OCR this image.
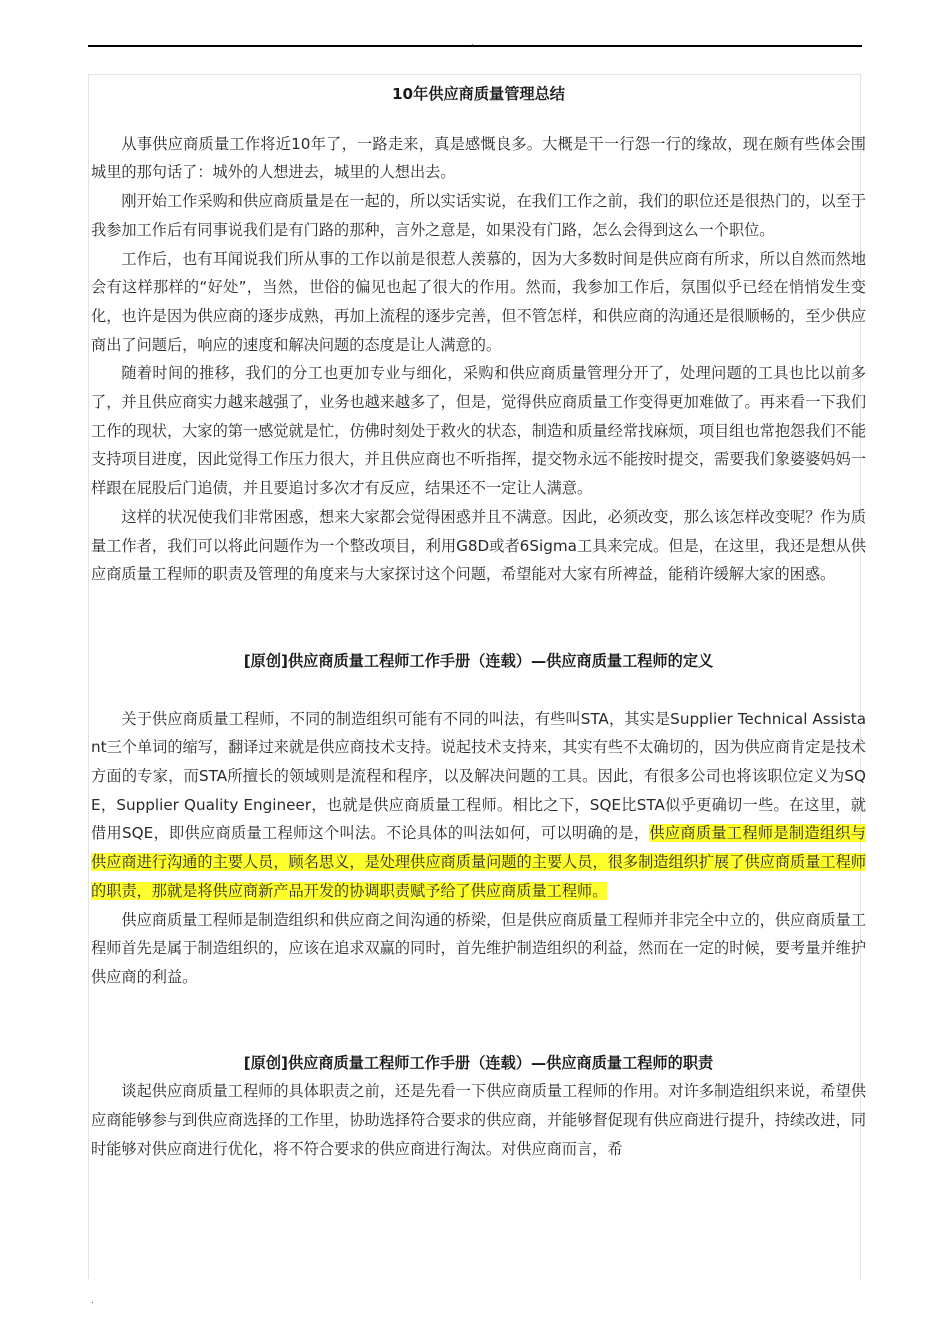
.
10年供应商质量管理总结

从事供应商质量工作将近10年了，一路走来，真是感慨良多。大概是干一行怨一行的缘故，现在颇有些体会围城里的那句话了：城外的人想进去，城里的人想出去。

刚开始工作采购和供应商质量是在一起的，所以实话实说，在我们工作之前，我们的职位还是很热门的，以至于我参加工作后有同事说我们是有门路的那种，言外之意是，如果没有门路，怎么会得到这么一个职位。

工作后，也有耳闻说我们所从事的工作以前是很惹人羡慕的，因为大多数时间是供应商有所求，所以自然而然地会有这样那样的“好处”，当然，世俗的偏见也起了很大的作用。然而，我参加工作后，氛围似乎已经在悄悄发生变化，也许是因为供应商的逐步成熟，再加上流程的逐步完善，但不管怎样，和供应商的沟通还是很顺畅的，至少供应商出了问题后，响应的速度和解决问题的态度是让人满意的。

随着时间的推移，我们的分工也更加专业与细化，采购和供应商质量管理分开了，处理问题的工具也比以前多了，并且供应商实力越来越强了，业务也越来越多了，但是，觉得供应商质量工作变得更加难做了。再来看一下我们工作的现状，大家的第一感觉就是忙，仿佛时刻处于救火的状态，制造和质量经常找麻烦，项目组也常抱怨我们不能支持项目进度，因此觉得工作压力很大，并且供应商也不听指挥，提交物永远不能按时提交，需要我们象婆婆妈妈一样跟在屁股后门追债，并且要追讨多次才有反应，结果还不一定让人满意。

这样的状况使我们非常困惑，想来大家都会觉得困惑并且不满意。因此，必须改变，那么该怎样改变呢？作为质量工作者，我们可以将此问题作为一个整改项目，利用G8D或者6Sigma工具来完成。但是，在这里，我还是想从供应商质量工程师的职责及管理的角度来与大家探讨这个问题，希望能对大家有所裨益，能稍许缓解大家的困惑。

[原创]供应商质量工程师工作手册（连载）—供应商质量工程师的定义

关于供应商质量工程师，不同的制造组织可能有不同的叫法，有些叫STA，其实是Supplier Technical Assistant三个单词的缩写，翻译过来就是供应商技术支持。说起技术支持来，其实有些不太确切的，因为供应商肯定是技术方面的专家，而STA所擅长的领域则是流程和程序，以及解决问题的工具。因此，有很多公司也将该职位定义为SQE，Supplier Quality Engineer，也就是供应商质量工程师。相比之下，SQE比STA似乎更确切一些。在这里，就借用SQE，即供应商质量工程师这个叫法。不论具体的叫法如何，可以明确的是，供应商质量工程师是制造组织与供应商进行沟通的主要人员，顾名思义，是处理供应商质量问题的主要人员，很多制造组织扩展了供应商质量工程师的职责，那就是将供应商新产品开发的协调职责赋予给了供应商质量工程师。

供应商质量工程师是制造组织和供应商之间沟通的桥梁，但是供应商质量工程师并非完全中立的，供应商质量工程师首先是属于制造组织的，应该在追求双赢的同时，首先维护制造组织的利益，然而在一定的时候，要考量并维护供应商的利益。

[原创]供应商质量工程师工作手册（连载）—供应商质量工程师的职责

谈起供应商质量工程师的具体职责之前，还是先看一下供应商质量工程师的作用。对许多制造组织来说，希望供应商能够参与到供应商选择的工作里，协助选择符合要求的供应商，并能够督促现有供应商进行提升，持续改进，同时能够对供应商进行优化，将不符合要求的供应商进行淘汰。对供应商而言，希

.
